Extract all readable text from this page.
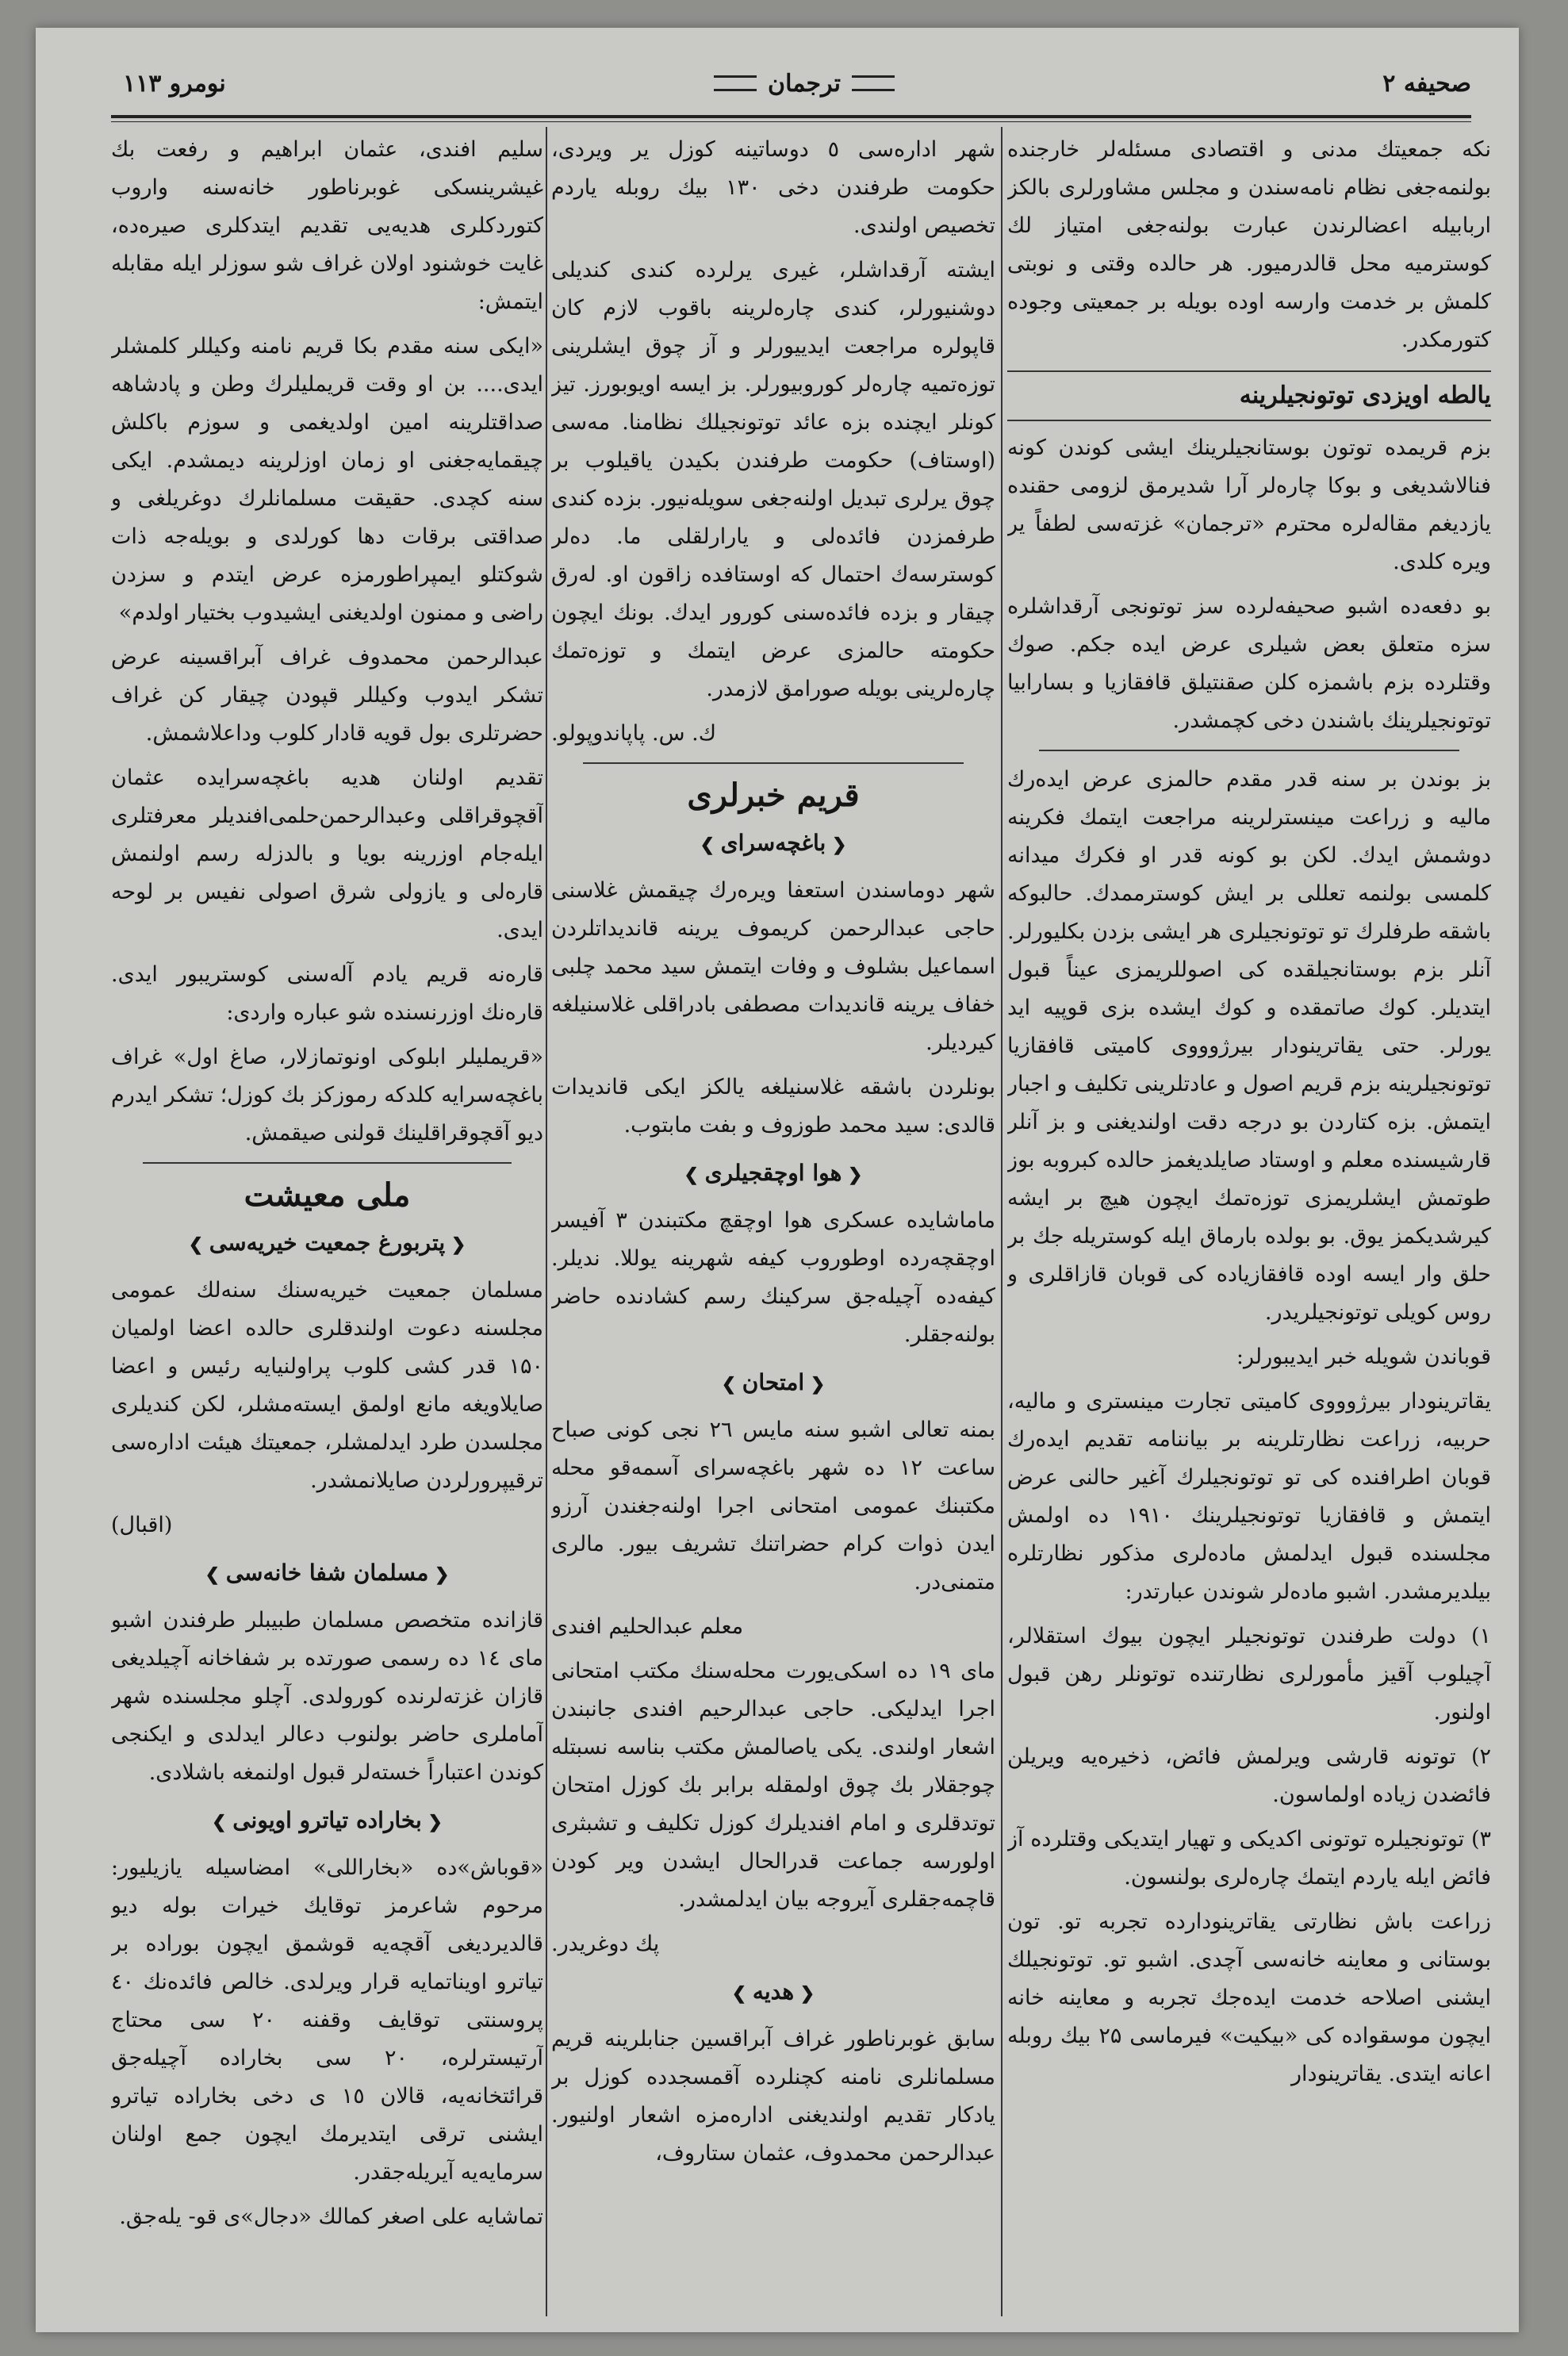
صحیفه ۲
ترجمان
نومرو ۱۱۳

نکه جمعیتك مدنی و اقتصادی مسئله‌لر خارجنده بولنمه‌جغی نظام نامه‌سندن و مجلس مشاورلری بالکز اربابیله اعضالرندن عبارت بولنه‌جغی امتیاز لك کوسترمیه محل قالدرمیور. هر حالده وقتی و نوبتی کلمش بر خدمت وارسه اوده بویله بر جمعیتی وجوده کتورمکدر.

یالطه اویزدی توتونجیلرینه

بزم قریمده توتون بوستانجیلرینك ایشی کوندن کونه فنالاشدیغی و بوکا چاره‌لر آرا شدیرمق لزومی حقنده یازدیغم مقاله‌لره محترم «ترجمان» غزته‌سی لطفاً یر ویره کلدی.

بو دفعه‌ده اشبو صحیفه‌لرده سز توتونجی آرقداشلره سزه متعلق بعض شیلری عرض ایده جکم. صوك وقتلرده بزم باشمزه کلن صقنتیلق قافقازیا و بسارابیا توتونجیلرینك باشندن دخی کچمشدر.

بز بوندن بر سنه قدر مقدم حالمزی عرض ایدەرك مالیه و زراعت مینسترلرینه مراجعت ایتمك فکرینه دوشمش ایدك. لکن بو کونه قدر او فکرك میدانه کلمسی بولنمه تعللی بر ایش کوسترممدك. حالبوکه باشقه طرفلرك تو توتونجیلری هر ایشی بزدن بکلیورلر. آنلر بزم بوستانجیلقده کی اصوللریمزی عیناً قبول ایتدیلر. کوك صاتمقده و کوك ایشده بزی قوپیه اید یورلر. حتی یقاترینودار بیرژوووی کامیتی قافقازیا توتونجیلرینه بزم قریم اصول و عادتلرینی تکلیف و اجبار ایتمش. بزه کتاردن بو درجه دقت اولندیغنی و بز آنلر قارشیسنده معلم و اوستاد صایلدیغمز حالده کبروبه بوز طوتمش ایشلریمزی توزه‌تمك ایچون هیچ بر ایشه کیرشدیکمز یوق. بو بولده بارماق ایله کوستریله جك بر حلق وار ایسه اوده قافقازیاده کی قوبان قازاقلری و روس کویلی توتونجیلریدر.

قوباندن شویله خبر ایدیبورلر:

یقاترینودار بیرژوووی کامیتی تجارت مینستری و مالیه، حربیه، زراعت نظارتلرینه بر بیاننامه تقدیم ایدەرك قوبان اطرافنده کی تو توتونجیلرك آغیر حالنی عرض ایتمش و قافقازیا توتونجیلرینك ۱۹۱۰ ده اولمش مجلسنده قبول ایدلمش ماده‌لری مذکور نظارتلره بیلدیرمشدر. اشبو ماده‌لر شوندن عبارتدر:

۱) دولت طرفندن توتونجیلر ایچون بیوك استقلالر، آچیلوب آقیز مأمورلری نظارتنده توتونلر رهن قبول اولنور.

۲) توتونه قارشی ویرلمش فائض، ذخیره‌یه ویریلن فائضدن زیاده اولماسون.

۳) توتونجیلره توتونی اکدیکی و تهیار ایتدیکی وقتلرده آز فائض ایله یاردم ایتمك چاره‌لری بولنسون.

زراعت باش نظارتی یقاترینودارده تجربه تو. تون بوستانی و معاینه خانه‌سی آچدی. اشبو تو. توتونجیلك ایشنی اصلاحه خدمت ایدەجك تجربه و معاینه خانه ایچون موسقواده کی «بیکیت» فیرماسی ۲۵ بیك روبله اعانه ایتدی. یقاترینودار

شهر اداره‌سی ٥ دوساتینه کوزل یر ویردی، حکومت طرفندن دخی ۱۳۰ بیك روبله یاردم تخصیص اولندی.

ایشته آرقداشلر، غیری یرلرده کندی کندیلی دوشنیورلر، کندی چاره‌لرینه باقوب لازم کان قاپولره مراجعت ایدییورلر و آز چوق ایشلرینی توزه‌تمیه چاره‌لر کوروبیورلر. بز ایسه اویوبورز. تیز کونلر ایچنده بزه عائد توتونجیلك نظامنا. مه‌سی (اوستاف) حکومت طرفندن بکیدن یاقیلوب بر چوق یرلری تبدیل اولنه‌جغی سویلەنیور. بزده کندی طرفمزدن فائده‌لی و یارارلقلی ما. ده‌لر کوسترسەك احتمال که اوستافده زاقون او. لەرق چیقار و بزده فائده‌سنی کورور ایدك. بونك ایچون حکومته حالمزی عرض ایتمك و توزه‌تمك چاره‌لرینی بویله صورامق لازمدر.

ك. س. پاپاندوپولو.

قریم خبرلری
❮ باغچەسرای ❯

شهر دوماسندن استعفا ویرەرك چیقمش غلاسنی حاجی عبدالرحمن کریموف یرینه قاندیداتلردن اسماعیل بشلوف و وفات ایتمش سید محمد چلبی خفاف یرینه قاندیدات مصطفی بادراقلی غلاسنیلغه کیردیلر.

بونلردن باشقه غلاسنیلغه یالکز ایکی قاندیدات قالدی: سید محمد طوزوف و بفت مابتوب.

❮ هوا اوچقجیلری ❯

ماماشایده عسکری هوا اوچقچ مکتبندن ۳ آفیسر اوچقچەرده اوطوروب کیفه شهرینه یوللا. ندیلر. کیفەده آچیلەجق سرکینك رسم کشادنده حاضر بولنەجقلر.

❮ امتحان ❯

بمنه تعالی اشبو سنه مایس ۲٦ نجی کونی صباح ساعت ۱۲ ده شهر باغچەسرای آسمەقو محله مکتبنك عمومی امتحانی اجرا اولنەجغندن آرزو ایدن ذوات کرام حضراتنك تشریف بیور. مالری متمنی‌در.

معلم عبدالحلیم افندی

مای ۱۹ ده اسکی‌یورت محله‌سنك مکتب امتحانی اجرا ایدلیکی. حاجی عبدالرحیم افندی جانبندن اشعار اولندی. یکی یاصالمش مکتب بناسه نسبتله چوجقلار بك چوق اولمقله برابر بك کوزل امتحان توتدقلری و امام افندیلرك کوزل تکلیف و تشبثری اولورسه جماعت قدرالحال ایشدن ویر کودن قاچمەجقلری آیروجه بیان ایدلمشدر.

پك دوغریدر.

❮ هدیه ❯

سابق غوبرناطور غراف آبراقسین جنابلرینه قریم مسلمانلری نامنه کچنلرده آقمسجدده کوزل بر یادکار تقدیم اولندیغنی اداره‌مزه اشعار اولنیور. عبدالرحمن محمدوف، عثمان ستاروف،

سلیم افندی، عثمان ابراهیم و رفعت بك غیشرینسکی غوبرناطور خانەسنه واروب کتوردکلری هدیه‌یی تقدیم ایتدکلری صیرەده، غایت خوشنود اولان غراف شو سوزلر ایله مقابله ایتمش:

«ایکی سنه مقدم بکا قریم نامنه وکیللر کلمشلر ایدی.... بن او وقت قریملیلرك وطن و پادشاهه صداقتلرینه امین اولدیغمی و سوزم باکلش چیقمایه‌جغنی او زمان اوزلرینه دیمشدم. ایکی سنه کچدی. حقیقت مسلمانلرك دوغریلغی و صداقتی برقات دها کورلدی و بویلەجه ذات شوکتلو ایمپراطورمزه عرض ایتدم و سزدن راضی و ممنون اولدیغنی ایشیدوب بختیار اولدم»

عبدالرحمن محمدوف غراف آبراقسینه عرض تشکر ایدوب وکیللر قپودن چیقار کن غراف حضرتلری بول قویه قادار کلوب وداعلاشمش.

تقدیم اولنان هدیه باغچەسرایده عثمان آقچوقراقلی وعبدالرحمن‌حلمی‌افندیلر معرفتلری ایله‌جام اوزرینه بویا و بالدزله رسم اولنمش قارەلی و یازولی شرق اصولی نفیس بر لوحه ایدی.

قارەنه قریم یادم آلەسنی کوستریبور ایدی. قارەنك اوزرنسنده شو عباره واردی:

«قریملیلر ابلوکی اونوتمازلار، صاغ اول» غراف باغچەسرایه کلدکه رموزکز بك کوزل؛ تشکر ایدرم دیو آقچوقراقلینك قولنی صیقمش.

ملی معیشت
❮ پتربورغ جمعیت خیریەسی ❯

مسلمان جمعیت خیریەسنك سنەلك عمومی مجلسنه دعوت اولندقلری حالده اعضا اولمیان ۱۵۰ قدر کشی کلوب پراولنیایه رئیس و اعضا صایلاویغه مانع اولمق ایستەمشلر، لکن کندیلری مجلسدن طرد ایدلمشلر، جمعیتك هیئت اداره‌سی ترقیپرورلردن صایلانمشدر.

(اقبال)

❮ مسلمان شفا خانەسی ❯

قازانده متخصص مسلمان طبیبلر طرفندن اشبو مای ۱٤ ده رسمی صورتده بر شفاخانه آچیلدیغی قازان غزتەلرنده کورولدی. آچلو مجلسنده شهر آماملری حاضر بولنوب دعالر ایدلدی و ایکنجی کوندن اعتباراً خستەلر قبول اولنمغه باشلادی.

❮ بخاراده تیاترو اویونی ❯

«قوباش»ده «بخاراللی» امضاسیله یازیلیور: مرحوم شاعرمز توقایك خیرات بوله دیو قالدیردیغی آقچەیه قوشمق ایچون بوراده بر تیاترو اویناتمایه قرار ویرلدی. خالص فائده‌نك ٤۰ پروسنتی توقایف وقفنه ۲۰ سی محتاج آرتیسترلره، ۲۰ سی بخاراده آچیلەجق قرائتخانەیه، قالان ۱٥ ی دخی بخاراده تیاترو ایشنی ترقی ایتدیرمك ایچون جمع اولنان سرمایەیه آیریلەجقدر.

تماشایه علی اصغر کمالك «دجال»ی قو- یلەجق.
